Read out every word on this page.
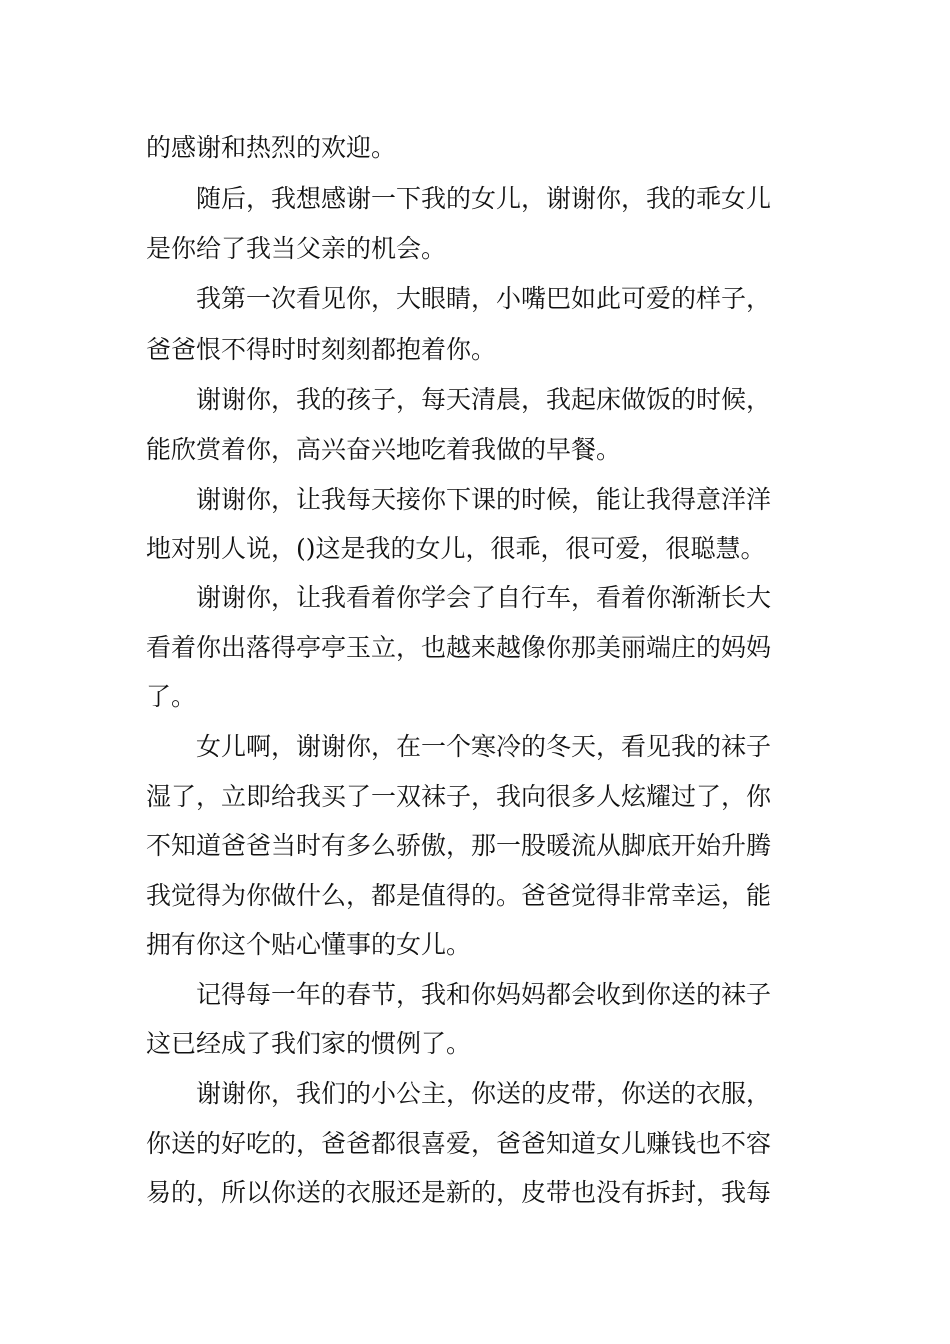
的感谢和热烈的欢迎。
随后，我想感谢一下我的女儿，谢谢你，我的乖女儿
是你给了我当父亲的机会。
我第一次看见你，大眼睛，小嘴巴如此可爱的样子，
爸爸恨不得时时刻刻都抱着你。
谢谢你，我的孩子，每天清晨，我起床做饭的时候，
能欣赏着你，高兴奋兴地吃着我做的早餐。
谢谢你，让我每天接你下课的时候，能让我得意洋洋
地对别人说，()这是我的女儿，很乖，很可爱，很聪慧。
谢谢你，让我看着你学会了自行车，看着你渐渐长大
看着你出落得亭亭玉立，也越来越像你那美丽端庄的妈妈
了。
女儿啊，谢谢你，在一个寒冷的冬天，看见我的袜子
湿了，立即给我买了一双袜子，我向很多人炫耀过了，你
不知道爸爸当时有多么骄傲，那一股暖流从脚底开始升腾
我觉得为你做什么，都是值得的。爸爸觉得非常幸运，能
拥有你这个贴心懂事的女儿。
记得每一年的春节，我和你妈妈都会收到你送的袜子
这已经成了我们家的惯例了。
谢谢你，我们的小公主，你送的皮带，你送的衣服，
你送的好吃的，爸爸都很喜爱，爸爸知道女儿赚钱也不容
易的，所以你送的衣服还是新的，皮带也没有拆封，我每
